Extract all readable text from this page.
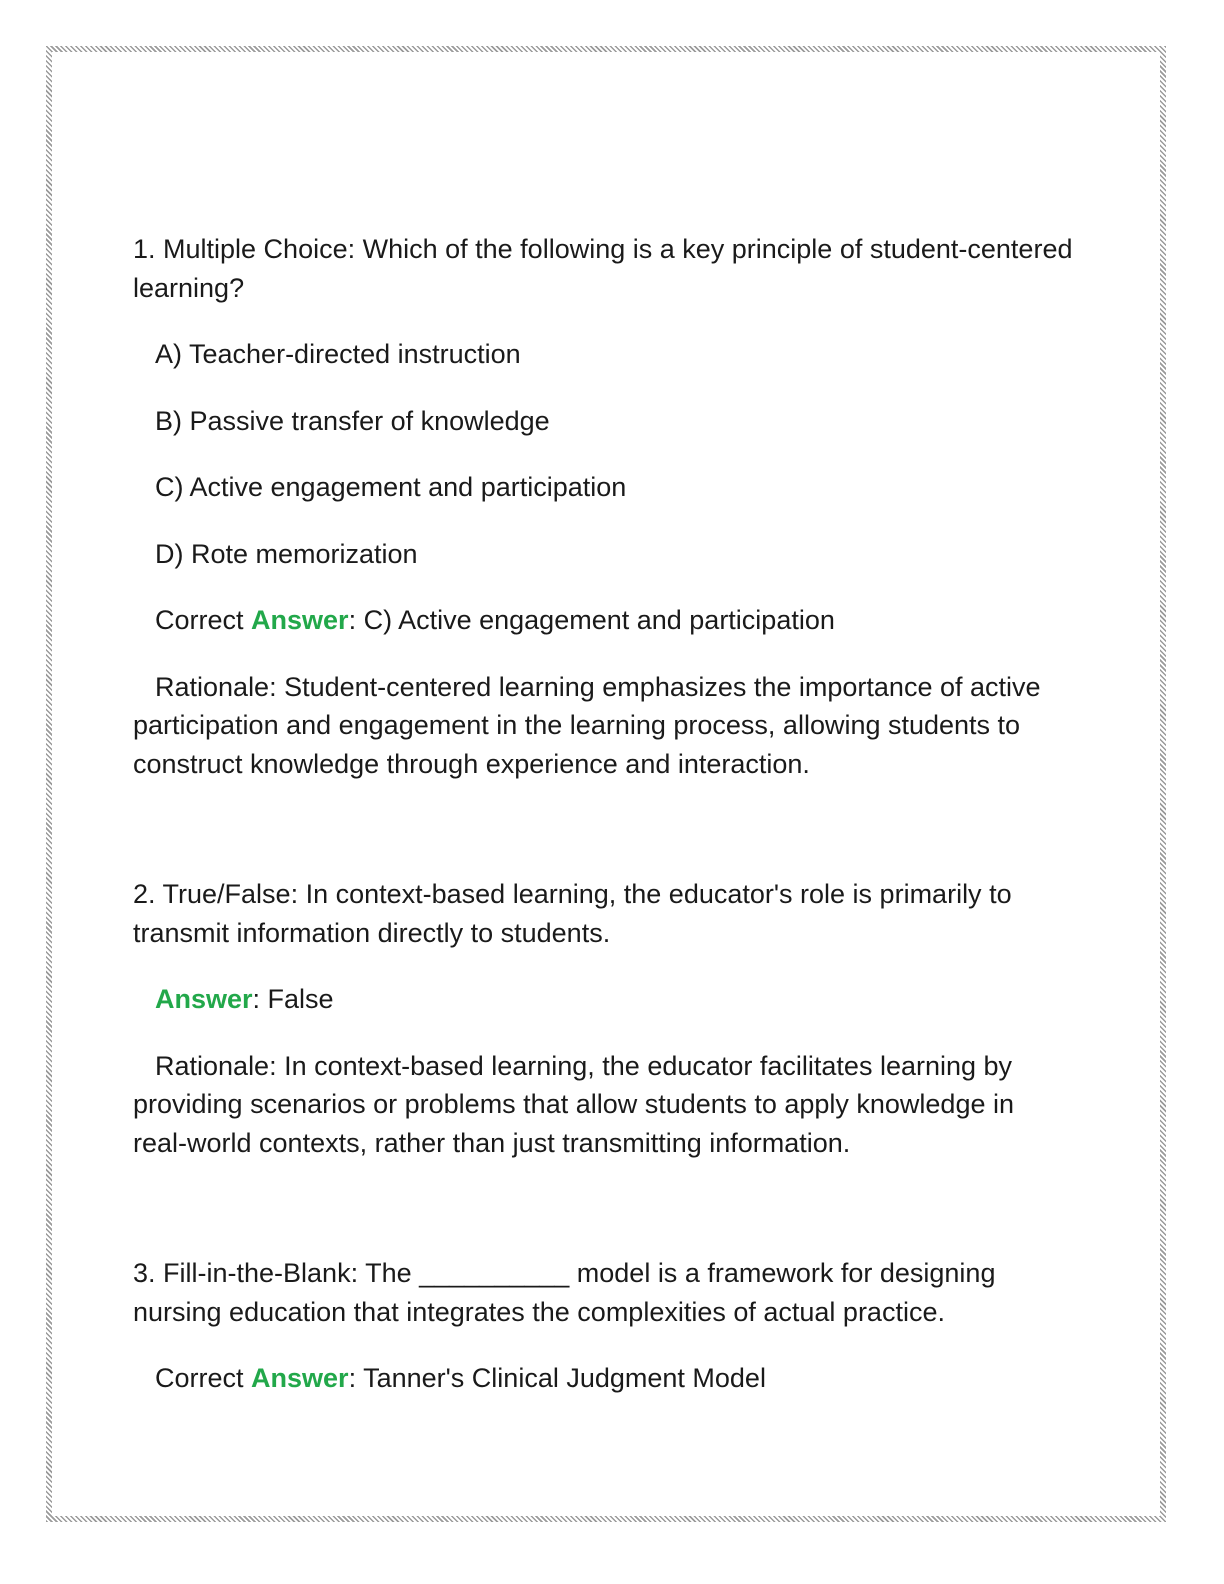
1. Multiple Choice: Which of the following is a key principle of student-centered learning?

A) Teacher-directed instruction

B) Passive transfer of knowledge

C) Active engagement and participation

D) Rote memorization

Correct Answer: C) Active engagement and participation

Rationale: Student-centered learning emphasizes the importance of active participation and engagement in the learning process, allowing students to construct knowledge through experience and interaction.

2. True/False: In context-based learning, the educator's role is primarily to transmit information directly to students.

Answer: False

Rationale: In context-based learning, the educator facilitates learning by providing scenarios or problems that allow students to apply knowledge in real-world contexts, rather than just transmitting information.

3. Fill-in-the-Blank: The __________ model is a framework for designing nursing education that integrates the complexities of actual practice.

Correct Answer: Tanner's Clinical Judgment Model
